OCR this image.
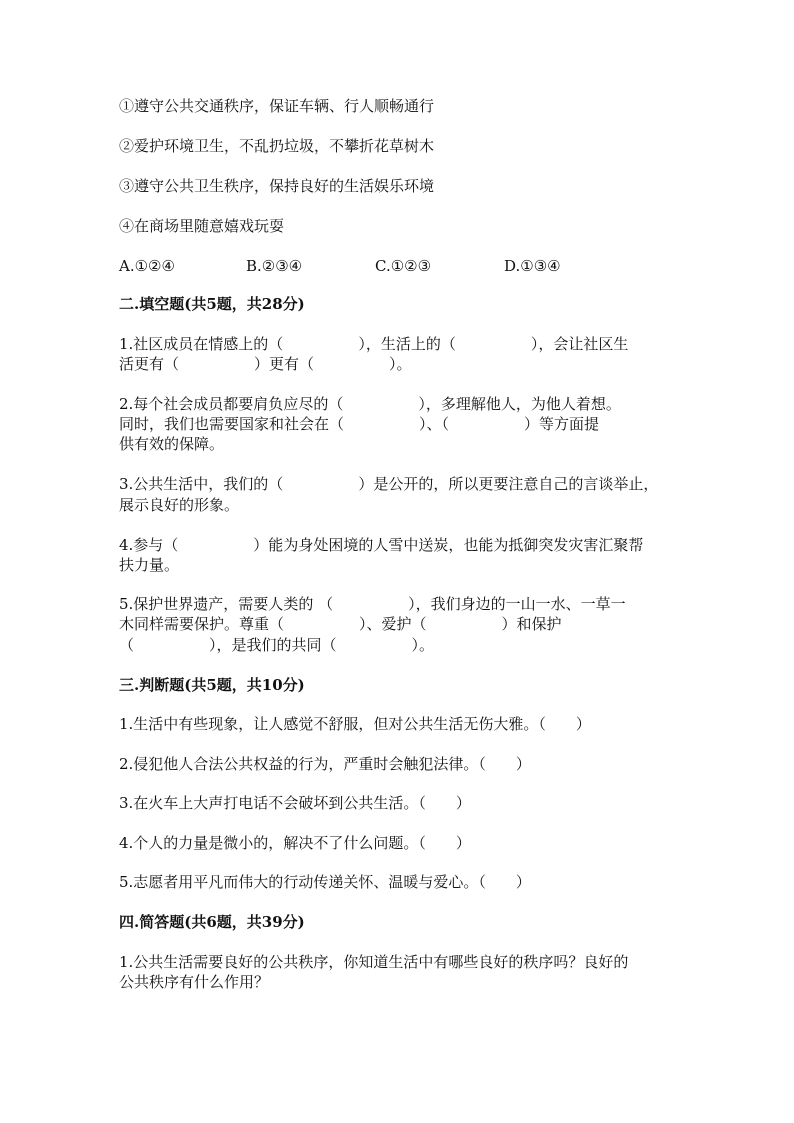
①遵守公共交通秩序，保证车辆、行人顺畅通行
②爱护环境卫生，不乱扔垃圾，不攀折花草树木
③遵守公共卫生秩序，保持良好的生活娱乐环境
④在商场里随意嬉戏玩耍
A.①②④	B.②③④	C.①②③	D.①③④
二.填空题(共5题，共28分)
1.社区成员在情感上的（　　　　　），生活上的（　　　　　），会让社区生
活更有（　　　　　）更有（　　　　　）。
2.每个社会成员都要肩负应尽的（　　　　　），多理解他人，为他人着想。
同时，我们也需要国家和社会在（　　　　　）、（　　　　　）等方面提
供有效的保障。
3.公共生活中，我们的（　　　　　）是公开的，所以更要注意自己的言谈举止，
展示良好的形象。
4.参与（　　　　　）能为身处困境的人雪中送炭，也能为抵御突发灾害汇聚帮
扶力量。
5.保护世界遗产，需要人类的 （　　　　　），我们身边的一山一水、一草一
木同样需要保护。尊重（　　　　　）、爱护（　　　　　）和保护
（　　　　　），是我们的共同（　　　　　）。
三.判断题(共5题，共10分)
1.生活中有些现象，让人感觉不舒服，但对公共生活无伤大雅。（　　）
2.侵犯他人合法公共权益的行为，严重时会触犯法律。（　　）
3.在火车上大声打电话不会破坏到公共生活。（　　）
4.个人的力量是微小的，解决不了什么问题。（　　）
5.志愿者用平凡而伟大的行动传递关怀、温暖与爱心。（　　）
四.简答题(共6题，共39分)
1.公共生活需要良好的公共秩序，你知道生活中有哪些良好的秩序吗？良好的
公共秩序有什么作用？
